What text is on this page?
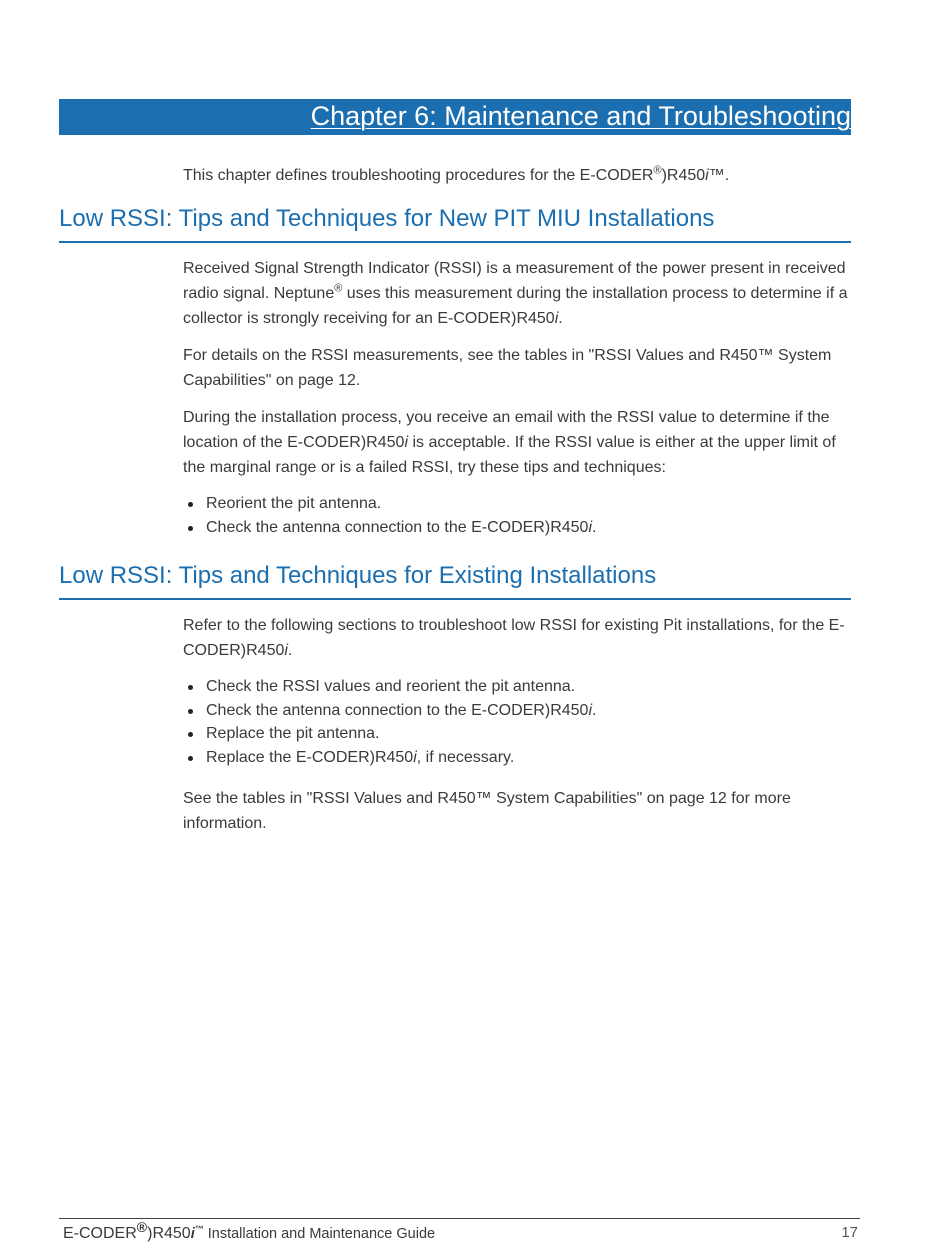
Chapter 6: Maintenance and Troubleshooting

This chapter defines troubleshooting procedures for the E-CODER®)R450i™.

Low RSSI: Tips and Techniques for New PIT MIU Installations

Received Signal Strength Indicator (RSSI) is a measurement of the power present in received radio signal. Neptune® uses this measurement during the installation process to determine if a collector is strongly receiving for an E-CODER)R450i.

For details on the RSSI measurements, see the tables in "RSSI Values and R450™ System Capabilities" on page 12.

During the installation process, you receive an email with the RSSI value to determine if the location of the E-CODER)R450i is acceptable. If the RSSI value is either at the upper limit of the marginal range or is a failed RSSI, try these tips and techniques:

Reorient the pit antenna.
Check the antenna connection to the E-CODER)R450i.
Low RSSI: Tips and Techniques for Existing Installations

Refer to the following sections to troubleshoot low RSSI for existing Pit installations, for the E-CODER)R450i.

Check the RSSI values and reorient the pit antenna.
Check the antenna connection to the E-CODER)R450i.
Replace the pit antenna.
Replace the E-CODER)R450i, if necessary.

See the tables in "RSSI Values and R450™ System Capabilities" on page 12 for more information.

E-CODER®)R450i™ Installation and Maintenance Guide	17
